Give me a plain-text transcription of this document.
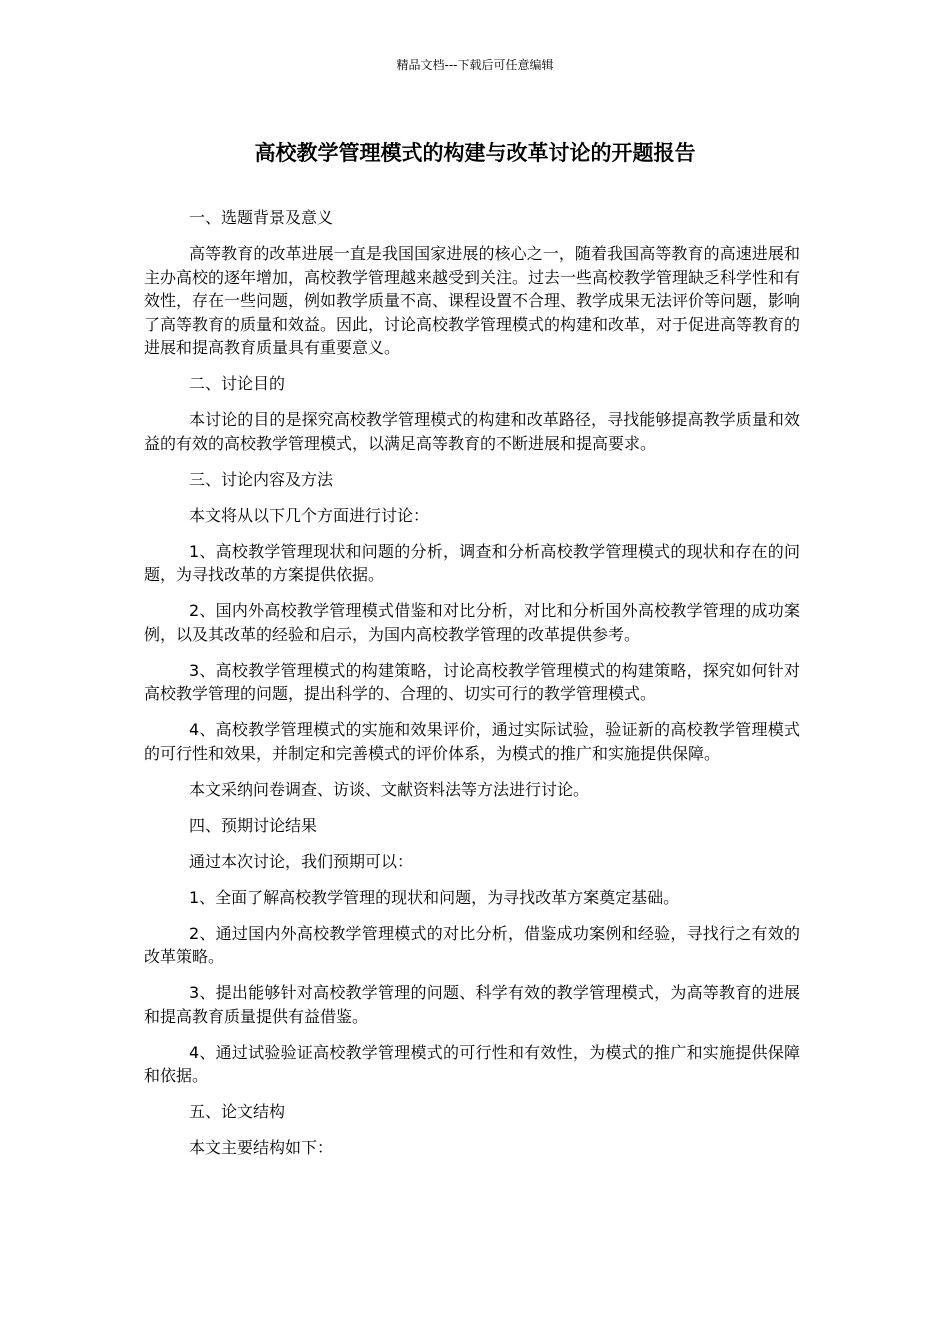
精品文档---下载后可任意编辑
高校教学管理模式的构建与改革讨论的开题报告

一、选题背景及意义

高等教育的改革进展一直是我国国家进展的核心之一，随着我国高等教育的高速进展和主办高校的逐年增加，高校教学管理越来越受到关注。过去一些高校教学管理缺乏科学性和有效性，存在一些问题，例如教学质量不高、课程设置不合理、教学成果无法评价等问题，影响了高等教育的质量和效益。因此，讨论高校教学管理模式的构建和改革，对于促进高等教育的进展和提高教育质量具有重要意义。

二、讨论目的

本讨论的目的是探究高校教学管理模式的构建和改革路径，寻找能够提高教学质量和效益的有效的高校教学管理模式，以满足高等教育的不断进展和提高要求。

三、讨论内容及方法

本文将从以下几个方面进行讨论：

1、高校教学管理现状和问题的分析，调查和分析高校教学管理模式的现状和存在的问题，为寻找改革的方案提供依据。

2、国内外高校教学管理模式借鉴和对比分析，对比和分析国外高校教学管理的成功案例，以及其改革的经验和启示，为国内高校教学管理的改革提供参考。

3、高校教学管理模式的构建策略，讨论高校教学管理模式的构建策略，探究如何针对高校教学管理的问题，提出科学的、合理的、切实可行的教学管理模式。

4、高校教学管理模式的实施和效果评价，通过实际试验，验证新的高校教学管理模式的可行性和效果，并制定和完善模式的评价体系，为模式的推广和实施提供保障。

本文采纳问卷调查、访谈、文献资料法等方法进行讨论。

四、预期讨论结果

通过本次讨论，我们预期可以：

1、全面了解高校教学管理的现状和问题，为寻找改革方案奠定基础。

2、通过国内外高校教学管理模式的对比分析，借鉴成功案例和经验，寻找行之有效的改革策略。

3、提出能够针对高校教学管理的问题、科学有效的教学管理模式，为高等教育的进展和提高教育质量提供有益借鉴。

4、通过试验验证高校教学管理模式的可行性和有效性，为模式的推广和实施提供保障和依据。

五、论文结构

本文主要结构如下：
